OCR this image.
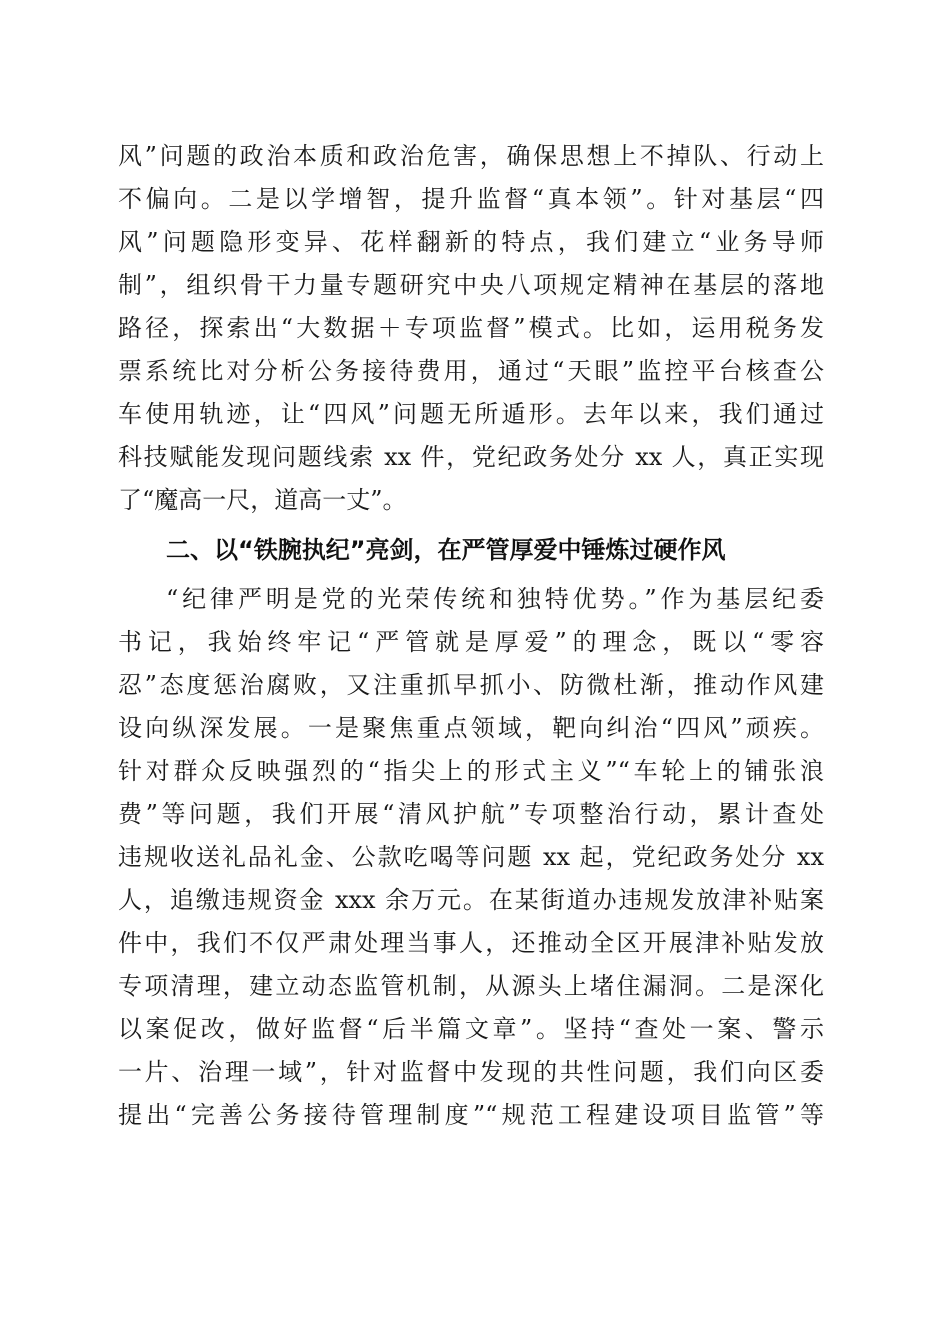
风”问题的政治本质和政治危害，确保思想上不掉队、行动上
不偏向。二是以学增智，提升监督“真本领”。针对基层“四
风”问题隐形变异、花样翻新的特点，我们建立“业务导师
制”，组织骨干力量专题研究中央八项规定精神在基层的落地
路径，探索出“大数据＋专项监督”模式。比如，运用税务发
票系统比对分析公务接待费用，通过“天眼”监控平台核查公
车使用轨迹，让“四风”问题无所遁形。去年以来，我们通过
科技赋能发现问题线索 xx 件，党纪政务处分 xx 人，真正实现
了“魔高一尺，道高一丈”。
二、以“铁腕执纪”亮剑，在严管厚爱中锤炼过硬作风
“纪律严明是党的光荣传统和独特优势。”作为基层纪委
书记，我始终牢记“严管就是厚爱”的理念，既以“零容
忍”态度惩治腐败，又注重抓早抓小、防微杜渐，推动作风建
设向纵深发展。一是聚焦重点领域，靶向纠治“四风”顽疾。
针对群众反映强烈的“指尖上的形式主义”“车轮上的铺张浪
费”等问题，我们开展“清风护航”专项整治行动，累计查处
违规收送礼品礼金、公款吃喝等问题 xx 起，党纪政务处分 xx
人，追缴违规资金 xxx 余万元。在某街道办违规发放津补贴案
件中，我们不仅严肃处理当事人，还推动全区开展津补贴发放
专项清理，建立动态监管机制，从源头上堵住漏洞。二是深化
以案促改，做好监督“后半篇文章”。坚持“查处一案、警示
一片、治理一域”，针对监督中发现的共性问题，我们向区委
提出“完善公务接待管理制度”“规范工程建设项目监管”等
